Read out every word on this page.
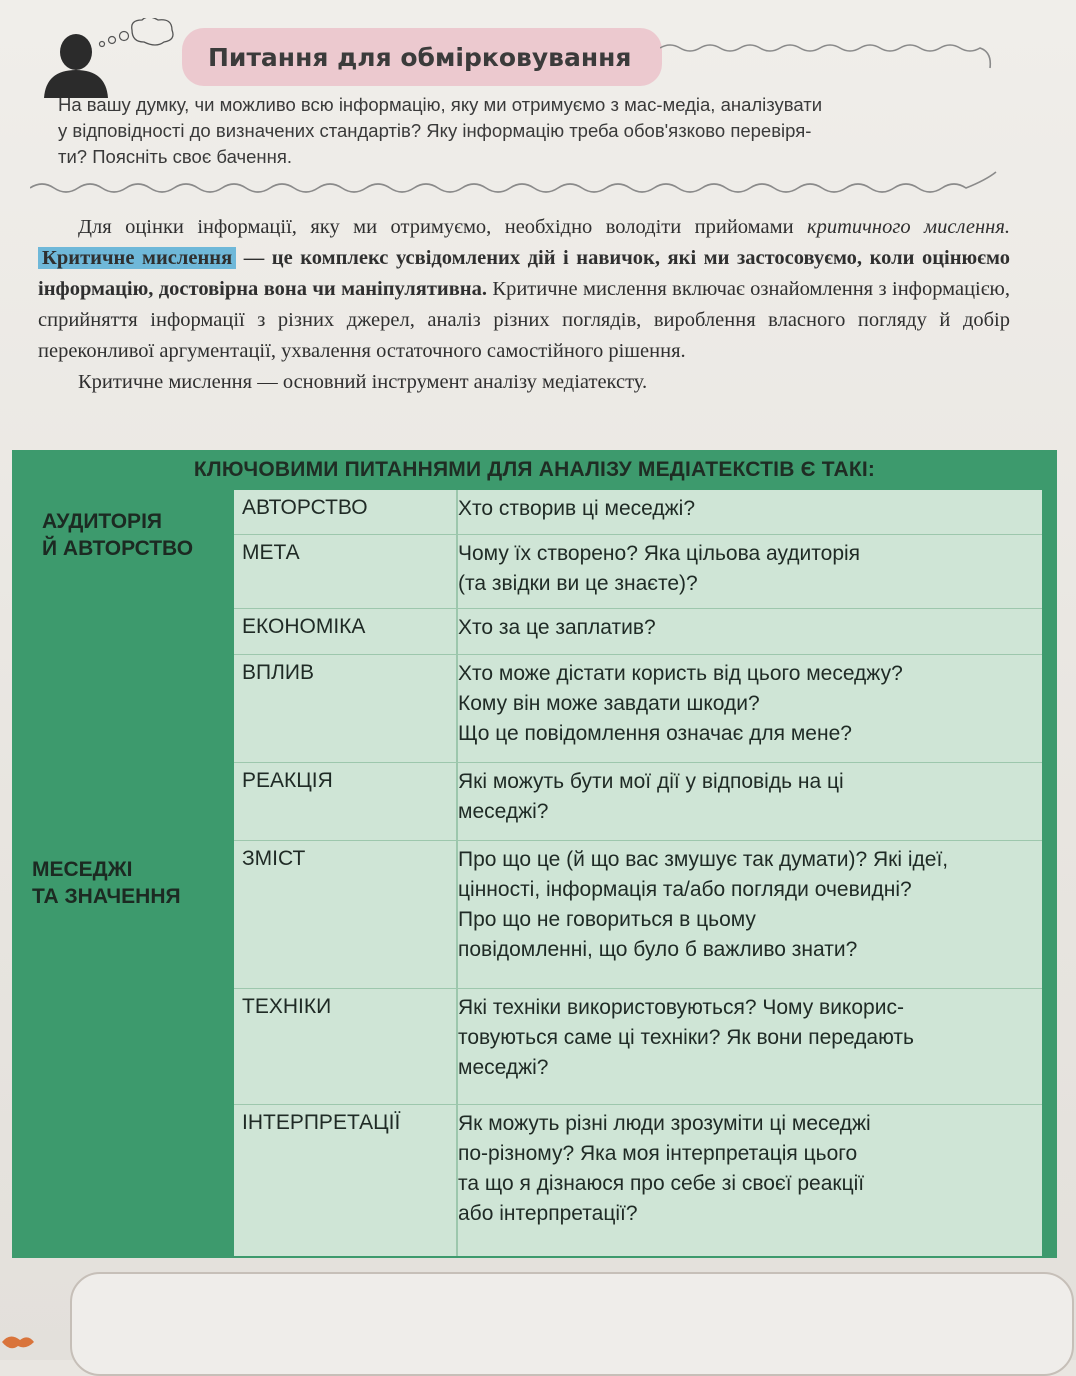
Питання для обмірковування
На вашу думку, чи можливо всю інформацію, яку ми отримуємо з мас-медіа, аналізувати
у відповідності до визначених стандартів? Яку інформацію треба обов'язково перевіря-
ти? Поясніть своє бачення.

Для оцінки інформації, яку ми отримуємо, необхідно володіти прийомами критичного мислення. Критичне мислення — це комплекс усвідомлених дій і навичок, які ми застосовуємо, коли оцінюємо інформацію, достовірна вона чи маніпулятивна. Критичне мислення включає ознайомлення з інформацією, сприйняття інформації з різних джерел, аналіз різних поглядів, вироблення власного погляду й добір переконливої аргументації, ухвалення остаточного самостійного рішення.

Критичне мислення — основний інструмент аналізу медіатексту.

КЛЮЧОВИМИ ПИТАННЯМИ ДЛЯ АНАЛІЗУ МЕДІАТЕКСТІВ Є ТАКІ:
АУДИТОРІЯ
Й АВТОРСТВО
МЕСЕДЖІ
ТА ЗНАЧЕННЯ
АВТОРСТВО	Хто створив ці меседжі?
МЕТА	Чому їх створено? Яка цільова аудиторія
(та звідки ви це знаєте)?
ЕКОНОМІКА	Хто за це заплатив?
ВПЛИВ	Хто може дістати користь від цього меседжу?
Кому він може завдати шкоди?
Що це повідомлення означає для мене?
РЕАКЦІЯ	Які можуть бути мої дії у відповідь на ці
меседжі?
ЗМІСТ	Про що це (й що вас змушує так думати)? Які ідеї,
цінності, інформація та/або погляди очевидні?
Про що не говориться в цьому
повідомленні, що було б важливо знати?
ТЕХНІКИ	Які техніки використовуються? Чому викорис-
товуються саме ці техніки? Як вони передають
меседжі?
ІНТЕРПРЕТАЦІЇ	Як можуть різні люди зрозуміти ці меседжі
по-різному? Яка моя інтерпретація цього
та що я дізнаюся про себе зі своєї реакції
або інтерпретації?
